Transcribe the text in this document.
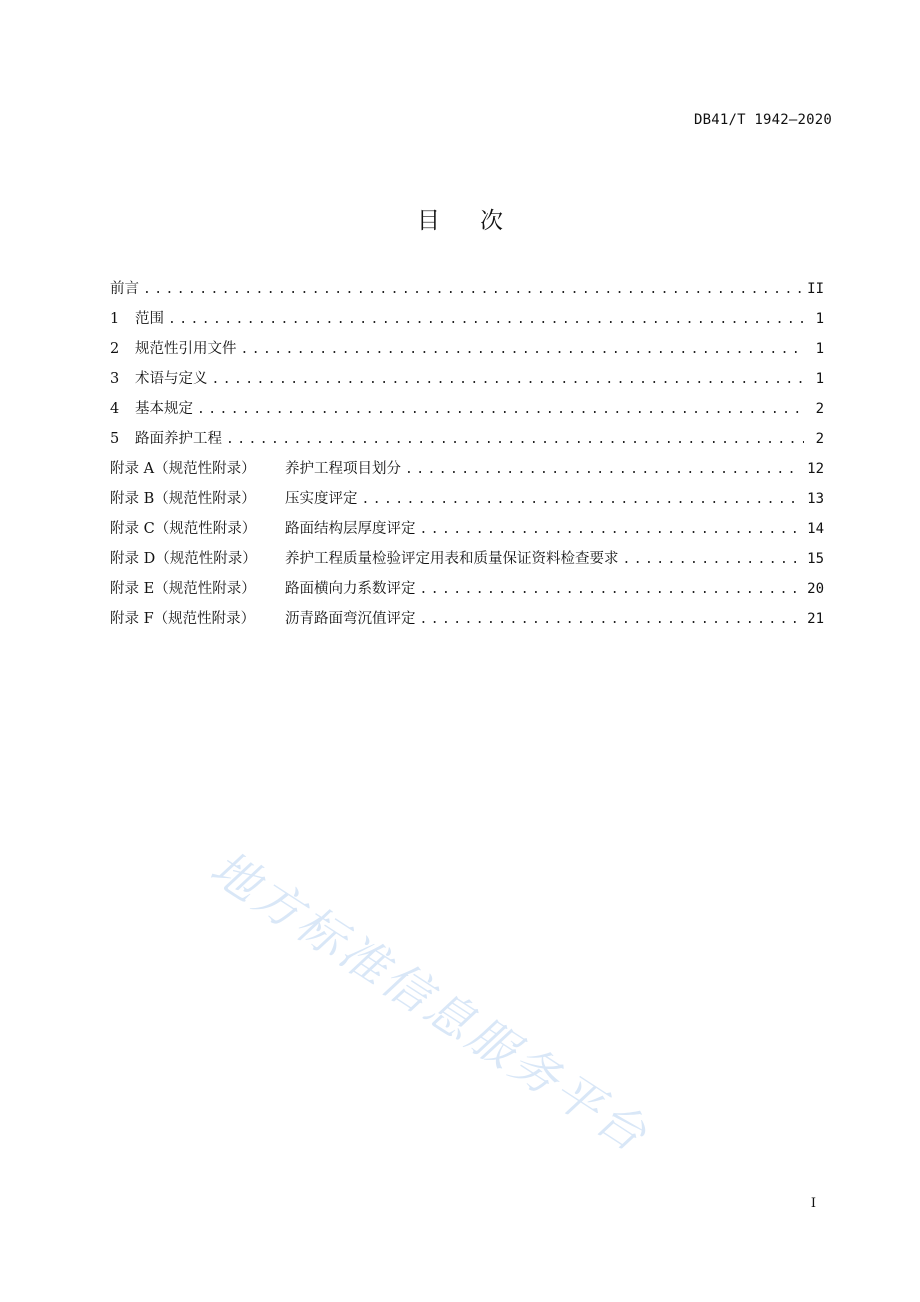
DB41/T 1942—2020
目 次
前言 . . .	II
1	范围 . . .	1
2	规范性引用文件 . . .	1
3	术语与定义 . . .	1
4	基本规定 . . .	2
5	路面养护工程 . . .	2
附录 A（规范性附录）	养护工程项目划分 . . .	12
附录 B（规范性附录）	压实度评定 . . .	13
附录 C（规范性附录）	路面结构层厚度评定 . . .	14
附录 D（规范性附录）	养护工程质量检验评定用表和质量保证资料检查要求 . . .	15
附录 E（规范性附录）	路面横向力系数评定 . . .	20
附录 F（规范性附录）	沥青路面弯沉值评定 . . .	21
地方标准信息服务平台
I
